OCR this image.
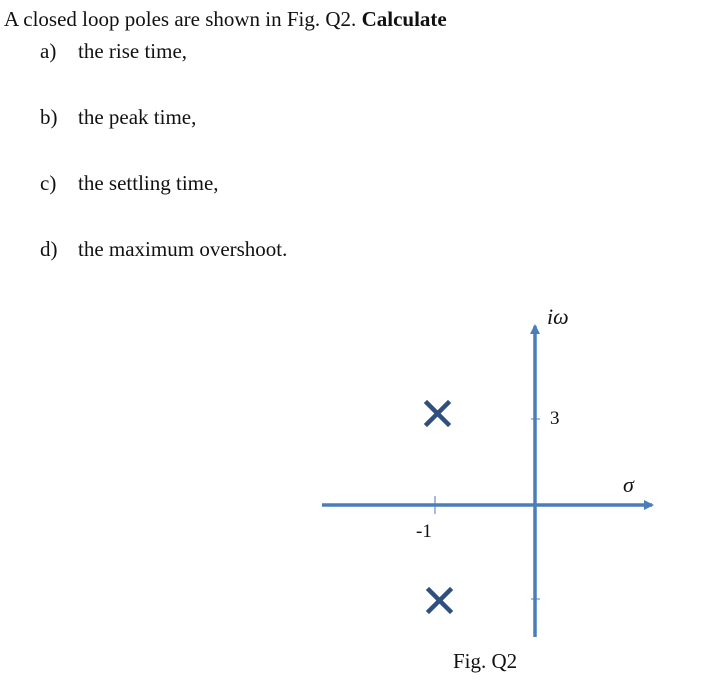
A closed loop poles are shown in Fig. Q2. Calculate
a) the rise time,
b) the peak time,
c) the settling time,
d) the maximum overshoot.
iω
σ
3
-1
Fig. Q2
